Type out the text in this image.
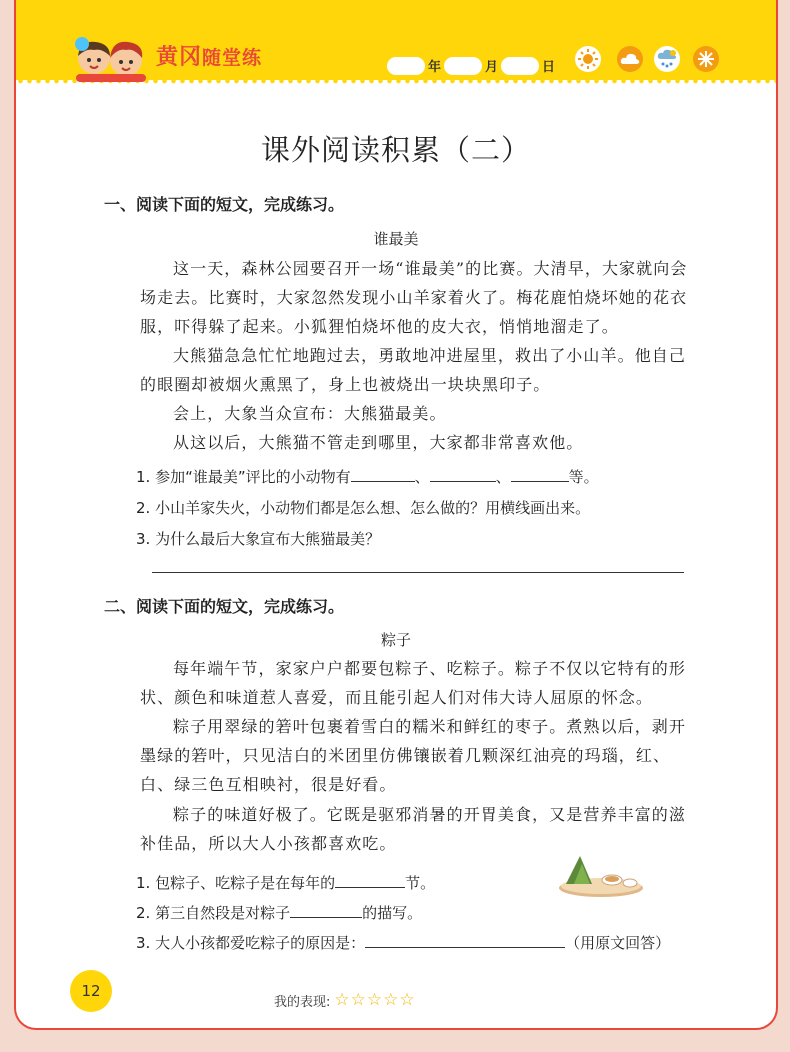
黄冈随堂练	年	月	日
课外阅读积累（二）
一、阅读下面的短文，完成练习。
谁最美
这一天，森林公园要召开一场“谁最美”的比赛。大清早，大家就向会场走去。比赛时，大家忽然发现小山羊家着火了。梅花鹿怕烧坏她的花衣服，吓得躲了起来。小狐狸怕烧坏他的皮大衣，悄悄地溜走了。
大熊猫急急忙忙地跑过去，勇敢地冲进屋里，救出了小山羊。他自己的眼圈却被烟火熏黑了，身上也被烧出一块块黑印子。
会上，大象当众宣布：大熊猫最美。
从这以后，大熊猫不管走到哪里，大家都非常喜欢他。
1. 参加“谁最美”评比的小动物有	、	、	等。
2. 小山羊家失火，小动物们都是怎么想、怎么做的？用横线画出来。
3. 为什么最后大象宣布大熊猫最美？
二、阅读下面的短文，完成练习。
粽子
每年端午节，家家户户都要包粽子、吃粽子。粽子不仅以它特有的形状、颜色和味道惹人喜爱，而且能引起人们对伟大诗人屈原的怀念。
粽子用翠绿的箬叶包裹着雪白的糯米和鲜红的枣子。煮熟以后，剥开墨绿的箬叶，只见洁白的米团里仿佛镶嵌着几颗深红油亮的玛瑙，红、白、绿三色互相映衬，很是好看。
粽子的味道好极了。它既是驱邪消暑的开胃美食，又是营养丰富的滋补佳品，所以大人小孩都喜欢吃。
1. 包粽子、吃粽子是在每年的	节。
2. 第三自然段是对粽子	的描写。
3. 大人小孩都爱吃粽子的原因是：	（用原文回答）
12
我的表现: ☆☆☆☆☆
